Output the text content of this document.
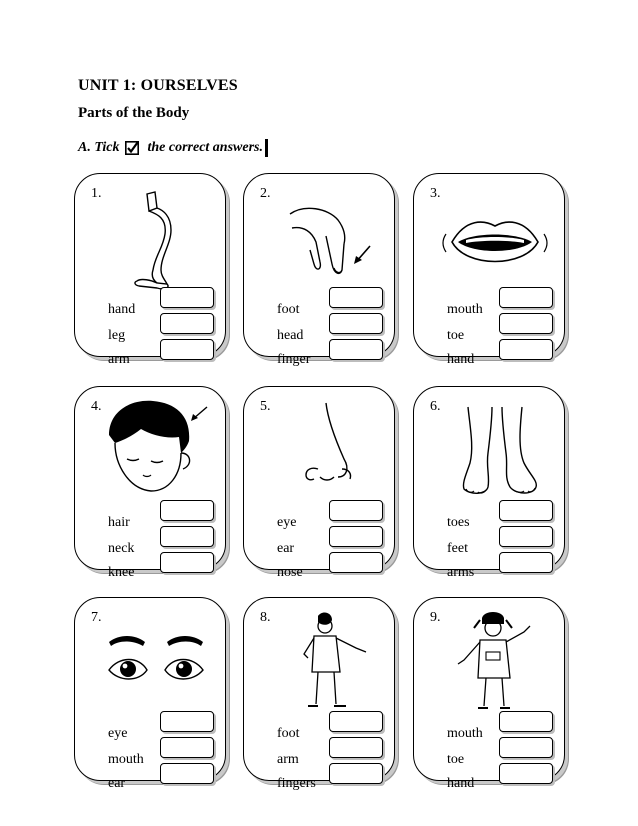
UNIT 1: OURSELVES
Parts of the Body
A. Tick the correct answers.
1.
hand
leg
arm
2.
foot
head
finger
3.
mouth
toe
hand
4.
hair
neck
knee
5.
eye
ear
nose
6.
toes
feet
arms
7.
eye
mouth
ear
8.
foot
arm
fingers
9.
mouth
toe
hand
